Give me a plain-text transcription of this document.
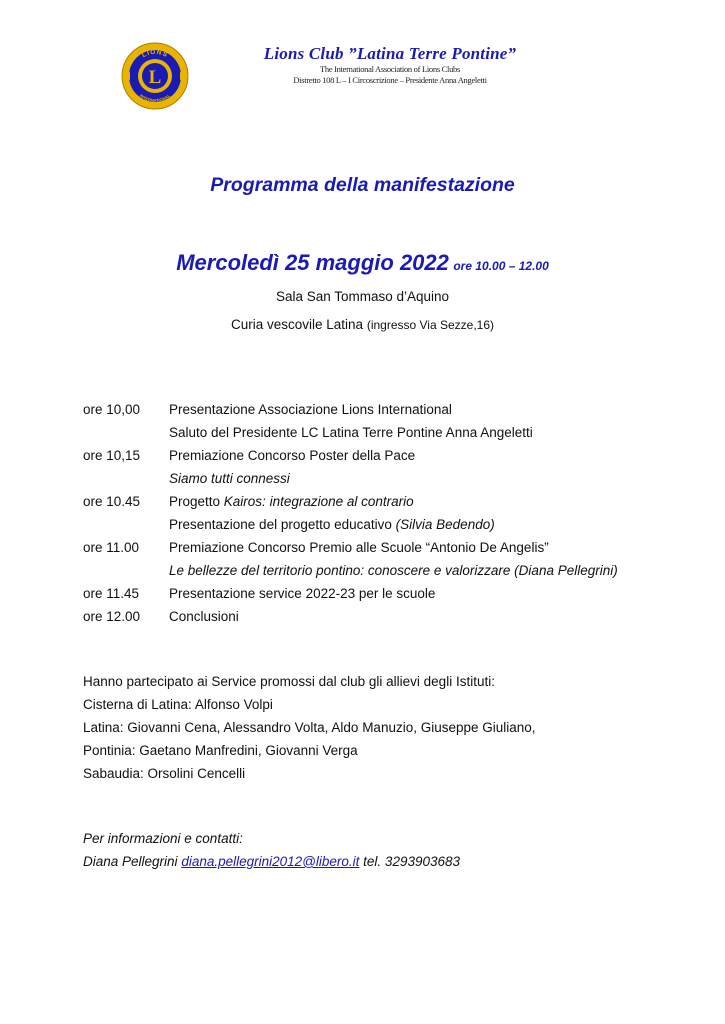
L
LIONS
INTERNATIONAL
Lions Club ”Latina Terre Pontine”
The International Association of Lions Clubs
Distretto 108 L – I Circoscrizione – Presidente Anna Angeletti
Programma della manifestazione
Mercoledì 25 maggio 2022 ore 10.00 – 12.00
Sala San Tommaso d’Aquino
Curia vescovile Latina (ingresso Via Sezze,16)
ore 10,00 Presentazione Associazione Lions International
Saluto del Presidente LC Latina Terre Pontine Anna Angeletti
ore 10,15 Premiazione Concorso Poster della Pace
Siamo tutti connessi
ore 10.45 Progetto Kairos: integrazione al contrario
Presentazione del progetto educativo (Silvia Bedendo)
ore 11.00 Premiazione Concorso Premio alle Scuole “Antonio De Angelis”
Le bellezze del territorio pontino: conoscere e valorizzare (Diana Pellegrini)
ore 11.45 Presentazione service 2022-23 per le scuole
ore 12.00 Conclusioni
Hanno partecipato ai Service promossi dal club gli allievi degli Istituti:
Cisterna di Latina: Alfonso Volpi
Latina: Giovanni Cena, Alessandro Volta, Aldo Manuzio, Giuseppe Giuliano,
Pontinia: Gaetano Manfredini, Giovanni Verga
Sabaudia: Orsolini Cencelli
Per informazioni e contatti:
Diana Pellegrini diana.pellegrini2012@libero.it tel. 3293903683
